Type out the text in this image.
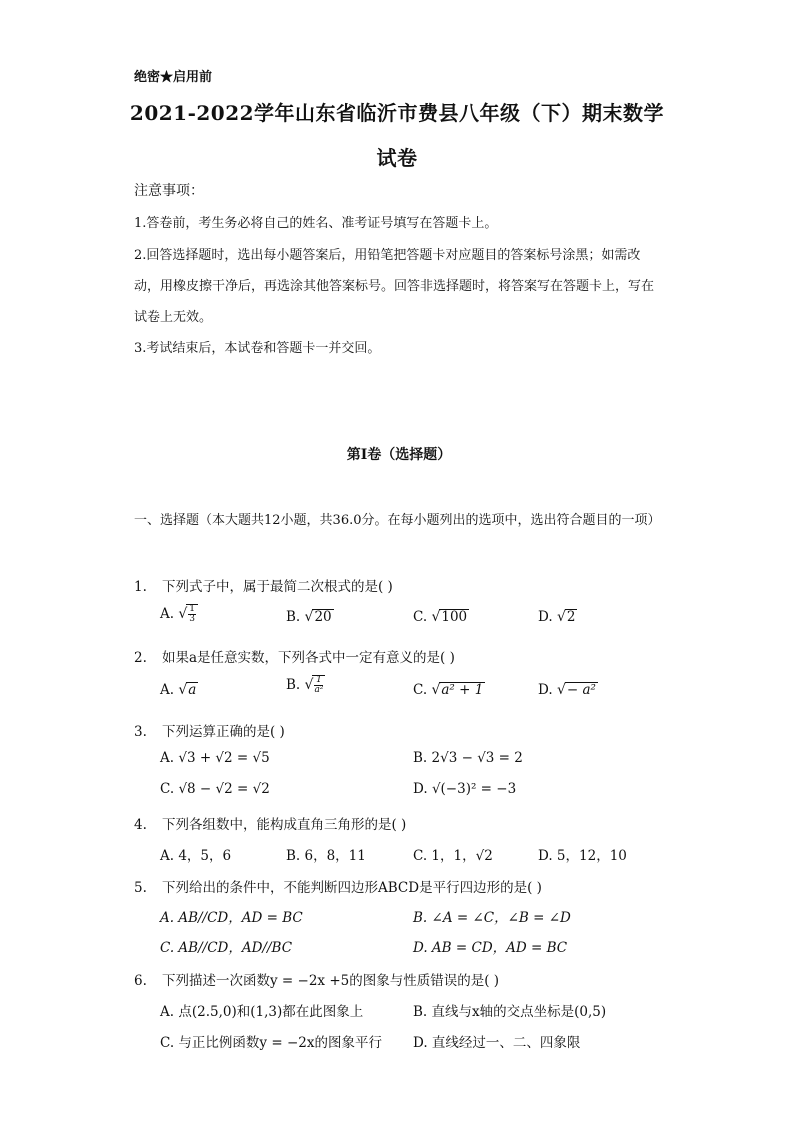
绝密★启用前
2021-2022学年山东省临沂市费县八年级（下）期末数学
试卷
注意事项：
1.答卷前，考生务必将自己的姓名、准考证号填写在答题卡上。
2.回答选择题时，选出每小题答案后，用铅笔把答题卡对应题目的答案标号涂黑；如需改动，用橡皮擦干净后，再选涂其他答案标号。回答非选择题时，将答案写在答题卡上，写在试卷上无效。
3.考试结束后，本试卷和答题卡一并交回。
第Ⅰ卷（选择题）
一、选择题（本大题共12小题，共36.0分。在每小题列出的选项中，选出符合题目的一项）
1. 下列式子中，属于最简二次根式的是( )
A. √ $\frac{1}{3}$	B. √20	C. √100	D. √2
2. 如果a是任意实数，下列各式中一定有意义的是( )
A. √a	B. √ $\frac{1}{\text{a²}}$	C. √a² + 1	D. √− a²
3. 下列运算正确的是( )
A. √3 + √2 = √5	B. 2√3 − √3 = 2
C. √8 − √2 = √2	D. √(−3)² = −3
4. 下列各组数中，能构成直角三角形的是( )
A. 4，5，6	B. 6，8，11	C. 1，1，√2	D. 5，12，10
5. 下列给出的条件中，不能判断四边形ABCD是平行四边形的是( )
A. AB//CD，AD = BC	B. ∠A = ∠C，∠B = ∠D
C. AB//CD，AD//BC	D. AB = CD，AD = BC
6. 下列描述一次函数y = −2x +5的图象与性质错误的是( )
A. 点(2.5,0)和(1,3)都在此图象上	B. 直线与x轴的交点坐标是(0,5)
C. 与正比例函数y = −2x的图象平行 D. 直线经过一、二、四象限
